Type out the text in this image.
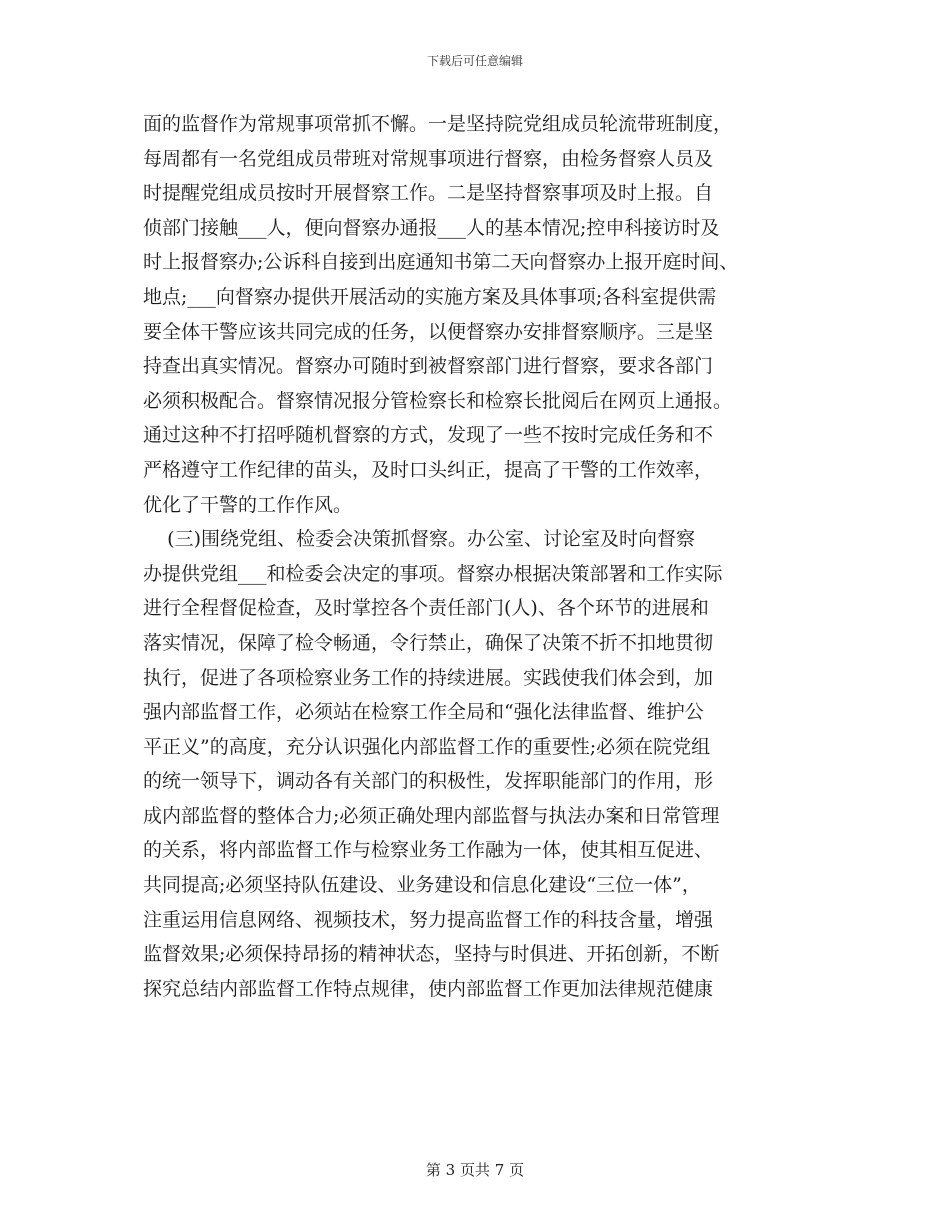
下载后可任意编辑
面的监督作为常规事项常抓不懈。一是坚持院党组成员轮流带班制度，
每周都有一名党组成员带班对常规事项进行督察，由检务督察人员及
时提醒党组成员按时开展督察工作。二是坚持督察事项及时上报。自
侦部门接触___人，便向督察办通报___人的基本情况;控申科接访时及
时上报督察办;公诉科自接到出庭通知书第二天向督察办上报开庭时间、
地点;___向督察办提供开展活动的实施方案及具体事项;各科室提供需
要全体干警应该共同完成的任务，以便督察办安排督察顺序。三是坚
持查出真实情况。督察办可随时到被督察部门进行督察，要求各部门
必须积极配合。督察情况报分管检察长和检察长批阅后在网页上通报。
通过这种不打招呼随机督察的方式，发现了一些不按时完成任务和不
严格遵守工作纪律的苗头，及时口头纠正，提高了干警的工作效率，
优化了干警的工作作风。
(三)围绕党组、检委会决策抓督察。办公室、讨论室及时向督察
办提供党组___和检委会决定的事项。督察办根据决策部署和工作实际
进行全程督促检查，及时掌控各个责任部门(人)、各个环节的进展和
落实情况，保障了检令畅通，令行禁止，确保了决策不折不扣地贯彻
执行，促进了各项检察业务工作的持续进展。实践使我们体会到，加
强内部监督工作，必须站在检察工作全局和“强化法律监督、维护公
平正义”的高度，充分认识强化内部监督工作的重要性;必须在院党组
的统一领导下，调动各有关部门的积极性，发挥职能部门的作用，形
成内部监督的整体合力;必须正确处理内部监督与执法办案和日常管理
的关系，将内部监督工作与检察业务工作融为一体，使其相互促进、
共同提高;必须坚持队伍建设、业务建设和信息化建设“三位一体”，
注重运用信息网络、视频技术，努力提高监督工作的科技含量，增强
监督效果;必须保持昂扬的精神状态，坚持与时俱进、开拓创新，不断
探究总结内部监督工作特点规律，使内部监督工作更加法律规范健康
第 3 页共 7 页
